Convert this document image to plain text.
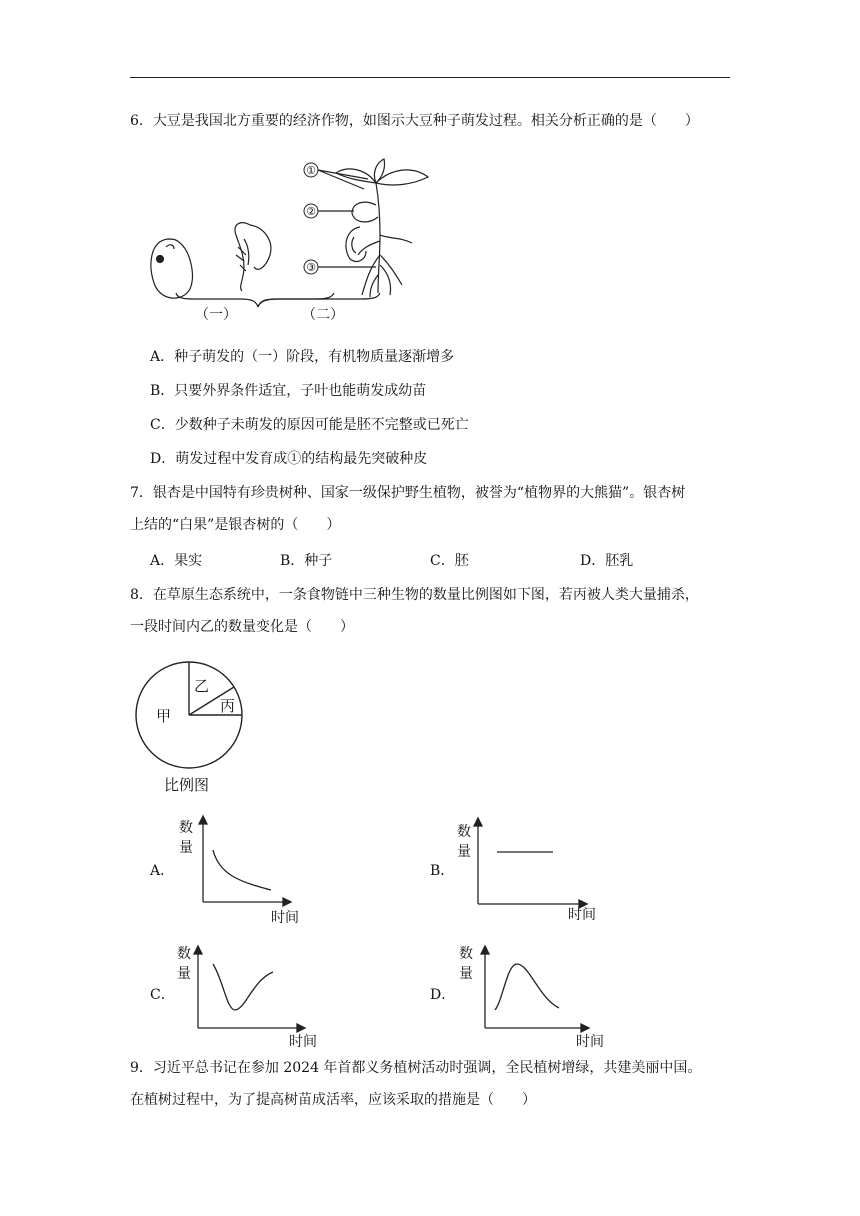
6．大豆是我国北方重要的经济作物，如图示大豆种子萌发过程。相关分析正确的是（　　）
①
②
③
（一）	（二）
A．种子萌发的（一）阶段，有机物质量逐渐增多
B．只要外界条件适宜，子叶也能萌发成幼苗
C．少数种子未萌发的原因可能是胚不完整或已死亡
D．萌发过程中发育成①的结构最先突破种皮
7．银杏是中国特有珍贵树种、国家一级保护野生植物，被誉为“植物界的大熊猫”。银杏树
上结的“白果”是银杏树的（　　）
A．果实	B．种子	C．胚	D．胚乳
8．在草原生态系统中，一条食物链中三种生物的数量比例图如下图，若丙被人类大量捕杀，
一段时间内乙的数量变化是（　　）
甲
乙
丙
比例图
A．
数
量
时间
B．
数
量
时间
C．
数
量
时间
D．
数
量
时间
9．习近平总书记在参加 2024 年首都义务植树活动时强调，全民植树增绿，共建美丽中国。
在植树过程中，为了提高树苗成活率，应该采取的措施是（　　）
